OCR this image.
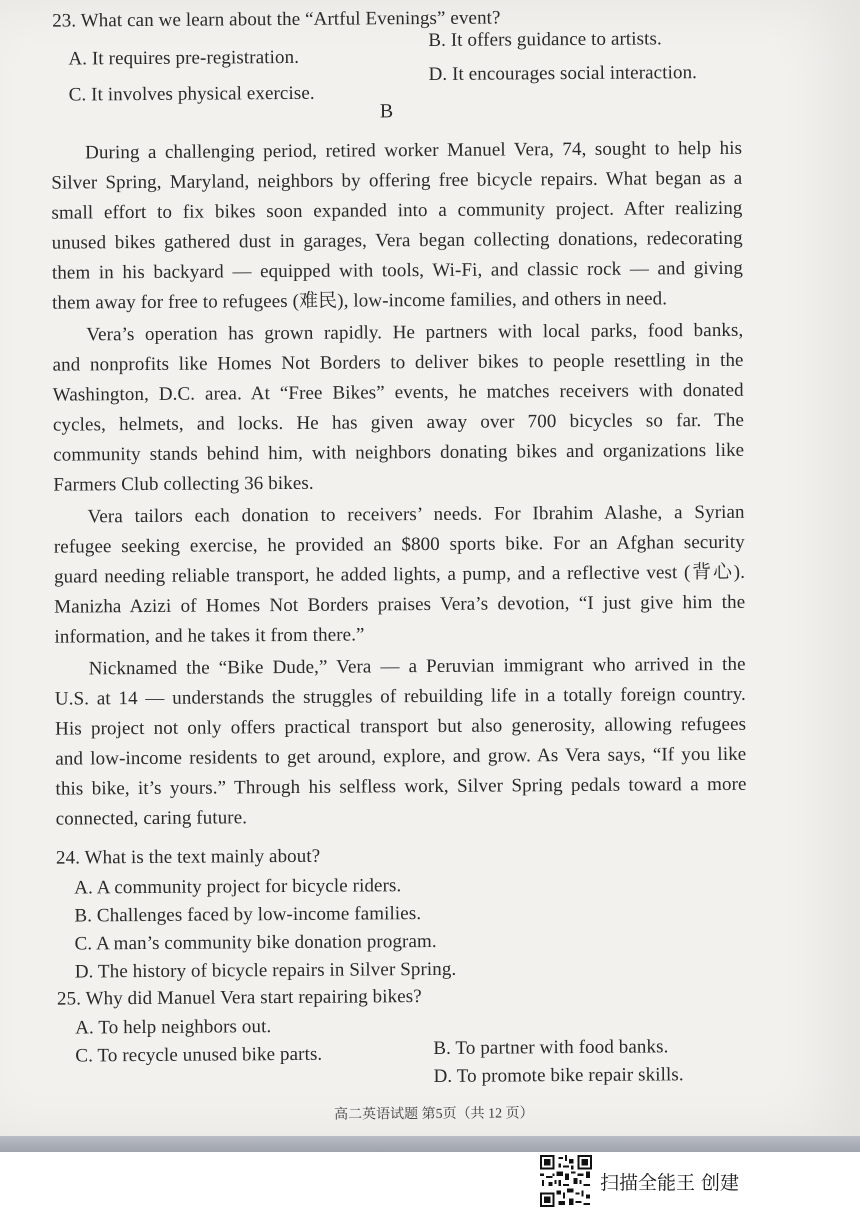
23. What can we learn about the “Artful Evenings” event?
A. It requires pre-registration.
B. It offers guidance to artists.
C. It involves physical exercise.
D. It encourages social interaction.
B
During a challenging period, retired worker Manuel Vera, 74, sought to help his
Silver Spring, Maryland, neighbors by offering free bicycle repairs. What began as a
small effort to fix bikes soon expanded into a community project. After realizing
unused bikes gathered dust in garages, Vera began collecting donations, redecorating
them in his backyard — equipped with tools, Wi-Fi, and classic rock — and giving
them away for free to refugees (难民), low-income families, and others in need.
Vera’s operation has grown rapidly. He partners with local parks, food banks,
and nonprofits like Homes Not Borders to deliver bikes to people resettling in the
Washington, D.C. area. At “Free Bikes” events, he matches receivers with donated
cycles, helmets, and locks. He has given away over 700 bicycles so far. The
community stands behind him, with neighbors donating bikes and organizations like
Farmers Club collecting 36 bikes.
Vera tailors each donation to receivers’ needs. For Ibrahim Alashe, a Syrian
refugee seeking exercise, he provided an $800 sports bike. For an Afghan security
guard needing reliable transport, he added lights, a pump, and a reflective vest (背心).
Manizha Azizi of Homes Not Borders praises Vera’s devotion, “I just give him the
information, and he takes it from there.”
Nicknamed the “Bike Dude,” Vera — a Peruvian immigrant who arrived in the
U.S. at 14 — understands the struggles of rebuilding life in a totally foreign country.
His project not only offers practical transport but also generosity, allowing refugees
and low-income residents to get around, explore, and grow. As Vera says, “If you like
this bike, it’s yours.” Through his selfless work, Silver Spring pedals toward a more
connected, caring future.
24. What is the text mainly about?
A. A community project for bicycle riders.
B. Challenges faced by low-income families.
C. A man’s community bike donation program.
D. The history of bicycle repairs in Silver Spring.
25. Why did Manuel Vera start repairing bikes?
A. To help neighbors out.
C. To recycle unused bike parts.	B. To partner with food banks.
D. To promote bike repair skills.
高二英语试题 第5页（共 12 页）
扫描全能王 创建
